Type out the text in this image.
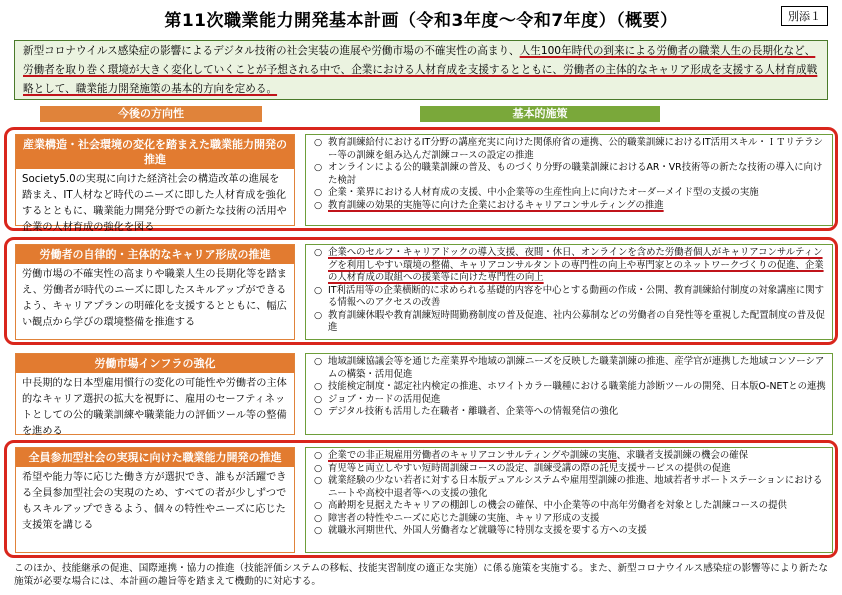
第11次職業能力開発基本計画（令和3年度～令和7年度）（概要）	別添１
新型コロナウイルス感染症の影響によるデジタル技術の社会実装の進展や労働市場の不確実性の高まり、人生100年時代の到来による労働者の職業人生の長期化など、労働者を取り巻く環境が大きく変化していくことが予想される中で、企業における人材育成を支援するとともに、労働者の主体的なキャリア形成を支援する人材育成戦略として、職業能力開発施策の基本的方向を定める。
今後の方向性	基本的施策
産業構造・社会環境の変化を踏まえた職業能力開発の推進
Society5.0の実現に向けた経済社会の構造改革の進展を踏まえ、IT人材など時代のニーズに即した人材育成を強化するとともに、職業能力開発分野での新たな技術の活用や企業の人材育成の強化を図る
○ 教育訓練給付におけるIT分野の講座充実に向けた関係府省の連携、公的職業訓練におけるIT活用スキル・ＩＴリテラシー等の訓練を組み込んだ訓練コースの設定の推進
○ オンラインによる公的職業訓練の普及、ものづくり分野の職業訓練におけるAR・VR技術等の新たな技術の導入に向けた検討
○ 企業・業界における人材育成の支援、中小企業等の生産性向上に向けたオーダーメイド型の支援の実施
○ 教育訓練の効果的実施等に向けた企業におけるキャリアコンサルティングの推進
労働者の自律的・主体的なキャリア形成の推進
労働市場の不確実性の高まりや職業人生の長期化等を踏まえ、労働者が時代のニーズに即したスキルアップができるよう、キャリアプランの明確化を支援するとともに、幅広い観点から学びの環境整備を推進する
○ 企業へのセルフ・キャリアドックの導入支援、夜間・休日、オンラインを含めた労働者個人がキャリアコンサルティングを利用しやすい環境の整備、キャリアコンサルタントの専門性の向上や専門家とのネットワークづくりの促進、企業の人材育成の取組への援業等に向けた専門性の向上
○ IT利活用等の企業横断的に求められる基礎的内容を中心とする動画の作成・公開、教育訓練給付制度の対象講座に関する情報へのアクセスの改善
○ 教育訓練休暇や教育訓練短時間勤務制度の普及促進、社内公募制などの労働者の自発性等を重視した配置制度の普及促進
労働市場インフラの強化
中長期的な日本型雇用慣行の変化の可能性や労働者の主体的なキャリア選択の拡大を視野に、雇用のセーフティネットとしての公的職業訓練や職業能力の評価ツール等の整備を進める
○ 地域訓練協議会等を通じた産業界や地域の訓練ニーズを反映した職業訓練の推進、産学官が連携した地域コンソーシアムの構築・活用促進
○ 技能検定制度・認定社内検定の推進、ホワイトカラー職種における職業能力診断ツールの開発、日本版O-NETとの連携
○ ジョブ・カードの活用促進
○ デジタル技術も活用した在職者・離職者、企業等への情報発信の強化
全員参加型社会の実現に向けた職業能力開発の推進
希望や能力等に応じた働き方が選択でき、誰もが活躍できる全員参加型社会の実現のため、すべての者が少しずつでもスキルアップできるよう、個々の特性やニーズに応じた支援策を講じる
○ 企業での非正規雇用労働者のキャリアコンサルティングや訓練の実施、求職者支援訓練の機会の確保
○ 育児等と両立しやすい短時間訓練コースの設定、訓練受講の際の託児支援サービスの提供の促進
○ 就業経験の少ない若者に対する日本版デュアルシステムや雇用型訓練の推進、地域若者サポートステーションにおけるニートや高校中退者等への支援の強化
○ 高齢期を見据えたキャリアの棚卸しの機会の確保、中小企業等の中高年労働者を対象とした訓練コースの提供
○ 障害者の特性やニーズに応じた訓練の実施、キャリア形成の支援
○ 就職氷河期世代、外国人労働者など就職等に特別な支援を要する方への支援
このほか、技能継承の促進、国際連携・協力の推進（技能評価システムの移転、技能実習制度の適正な実施）に係る施策を実施する。また、新型コロナウイルス感染症の影響等により新たな施策が必要な場合には、本計画の趣旨等を踏まえて機動的に対応する。
